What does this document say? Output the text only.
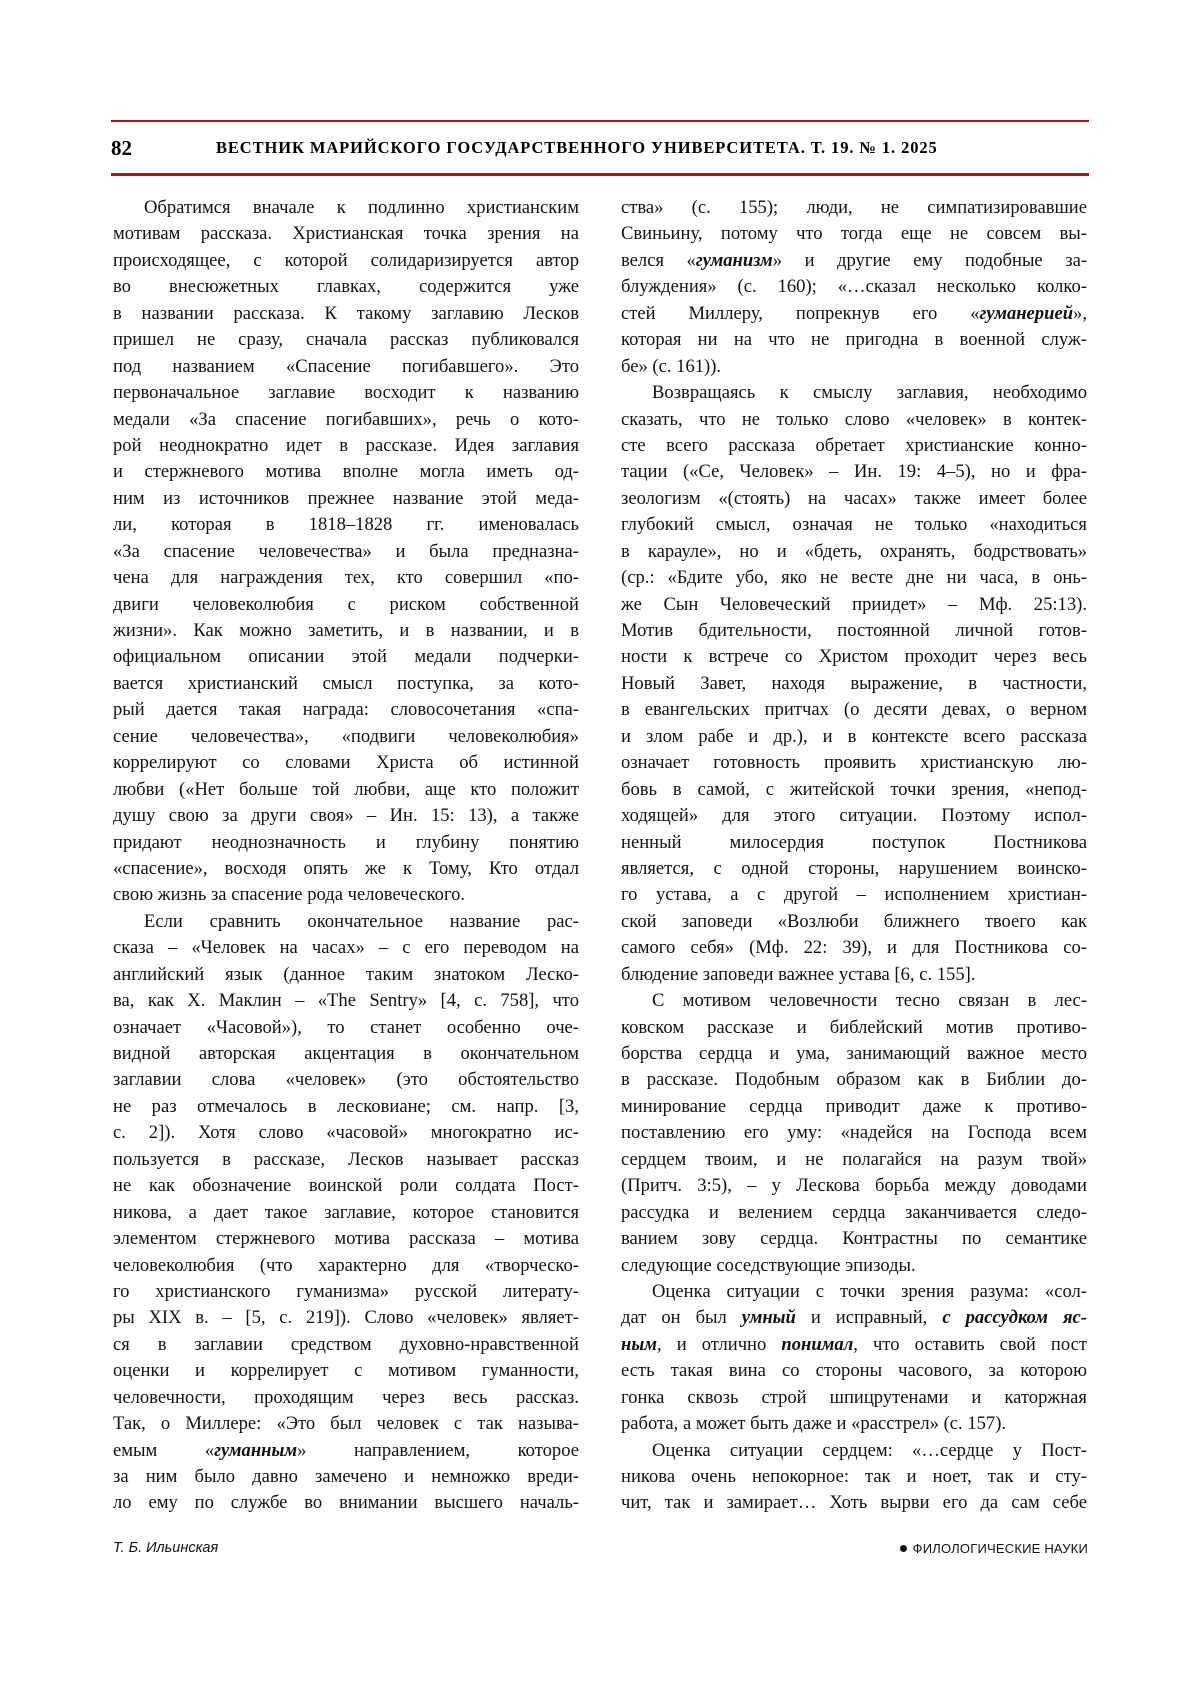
82	ВЕСТНИК МАРИЙСКОГО ГОСУДАРСТВЕННОГО УНИВЕРСИТЕТА. Т. 19. № 1. 2025
Обратимся вначале к подлинно христианским
мотивам рассказа. Христианская точка зрения на
происходящее, с которой солидаризируется автор
во внесюжетных главках, содержится уже
в названии рассказа. К такому заглавию Лесков
пришел не сразу, сначала рассказ публиковался
под названием «Спасение погибавшего». Это
первоначальное заглавие восходит к названию
медали «За спасение погибавших», речь о кото-
рой неоднократно идет в рассказе. Идея заглавия
и стержневого мотива вполне могла иметь од-
ним из источников прежнее название этой меда-
ли, которая в 1818–1828 гг. именовалась
«За спасение человечества» и была предназна-
чена для награждения тех, кто совершил «по-
двиги человеколюбия с риском собственной
жизни». Как можно заметить, и в названии, и в
официальном описании этой медали подчерки-
вается христианский смысл поступка, за кото-
рый дается такая награда: словосочетания «спа-
сение человечества», «подвиги человеколюбия»
коррелируют со словами Христа об истинной
любви («Нет больше той любви, аще кто положит
душу свою за други своя» – Ин. 15: 13), а также
придают неоднозначность и глубину понятию
«спасение», восходя опять же к Тому, Кто отдал
свою жизнь за спасение рода человеческого.
Если сравнить окончательное название рас-
сказа – «Человек на часах» – с его переводом на
английский язык (данное таким знатоком Леско-
ва, как Х. Маклин – «The Sentry» [4, с. 758], что
означает «Часовой»), то станет особенно оче-
видной авторская акцентация в окончательном
заглавии слова «человек» (это обстоятельство
не раз отмечалось в лесковиане; см. напр. [3,
с. 2]). Хотя слово «часовой» многократно ис-
пользуется в рассказе, Лесков называет рассказ
не как обозначение воинской роли солдата Пост-
никова, а дает такое заглавие, которое становится
элементом стержневого мотива рассказа – мотива
человеколюбия (что характерно для «творческо-
го христианского гуманизма» русской литерату-
ры XIX в. – [5, с. 219]). Слово «человек» являет-
ся в заглавии средством духовно-нравственной
оценки и коррелирует с мотивом гуманности,
человечности, проходящим через весь рассказ.
Так, о Миллере: «Это был человек с так называ-
емым «гуманным» направлением, которое
за ним было давно замечено и немножко вреди-
ло ему по службе во внимании высшего началь-
ства» (с. 155); люди, не симпатизировавшие
Свиньину, потому что тогда еще не совсем вы-
велся «гуманизм» и другие ему подобные за-
блуждения» (с. 160); «…сказал несколько колко-
стей Миллеру, попрекнув его «гуманерией»,
которая ни на что не пригодна в военной служ-
бе» (с. 161)).
Возвращаясь к смыслу заглавия, необходимо
сказать, что не только слово «человек» в контек-
сте всего рассказа обретает христианские конно-
тации («Се, Человек» – Ин. 19: 4–5), но и фра-
зеологизм «(стоять) на часах» также имеет более
глубокий смысл, означая не только «находиться
в карауле», но и «бдеть, охранять, бодрствовать»
(ср.: «Бдите убо, яко не весте дне ни часа, в онь-
же Сын Человеческий приидет» – Мф. 25:13).
Мотив бдительности, постоянной личной готов-
ности к встрече со Христом проходит через весь
Новый Завет, находя выражение, в частности,
в евангельских притчах (о десяти девах, о верном
и злом рабе и др.), и в контексте всего рассказа
означает готовность проявить христианскую лю-
бовь в самой, с житейской точки зрения, «непод-
ходящей» для этого ситуации. Поэтому испол-
ненный милосердия поступок Постникова
является, с одной стороны, нарушением воинско-
го устава, а с другой – исполнением христиан-
ской заповеди «Возлюби ближнего твоего как
самого себя» (Мф. 22: 39), и для Постникова со-
блюдение заповеди важнее устава [6, с. 155].
С мотивом человечности тесно связан в лес-
ковском рассказе и библейский мотив противо-
борства сердца и ума, занимающий важное место
в рассказе. Подобным образом как в Библии до-
минирование сердца приводит даже к противо-
поставлению его уму: «надейся на Господа всем
сердцем твоим, и не полагайся на разум твой»
(Притч. 3:5), – у Лескова борьба между доводами
рассудка и велением сердца заканчивается следо-
ванием зову сердца. Контрастны по семантике
следующие соседствующие эпизоды.
Оценка ситуации с точки зрения разума: «сол-
дат он был умный и исправный, с рассудком яс-
ным, и отлично понимал, что оставить свой пост
есть такая вина со стороны часового, за которою
гонка сквозь строй шпицрутенами и каторжная
работа, а может быть даже и «расстрел» (с. 157).
Оценка ситуации сердцем: «…сердце у Пост-
никова очень непокорное: так и ноет, так и сту-
чит, так и замирает… Хоть вырви его да сам себе
Т. Б. Ильинская	ФИЛОЛОГИЧЕСКИЕ НАУКИ
